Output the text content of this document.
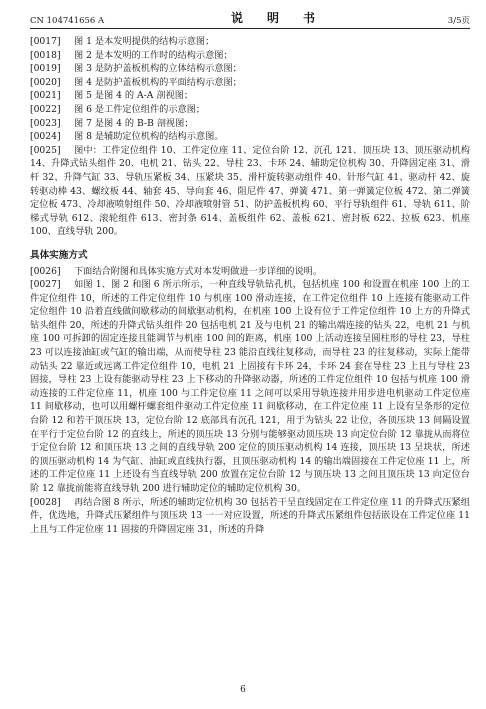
CN 104741656 A	说　明　书	3/5页

[0017] 图 1 是本发明提供的结构示意图；

[0018] 图 2 是本发明的工作时的结构示意图；

[0019] 图 3 是防护盖板机构的立体结构示意图；

[0020] 图 4 是防护盖板机构的平面结构示意图；

[0021] 图 5 是图 4 的 A-A 剖视图；

[0022] 图 6 是工件定位组件的示意图；

[0023] 图 7 是图 4 的 B-B 剖视图；

[0024] 图 8 是辅助定位机构的结构示意图。

[0025] 图中：工件定位组件 10、工件定位座 11、定位台阶 12、沉孔 121、顶压块 13、顶压驱动机构 14、升降式钻头组件 20、电机 21、钻头 22、导柱 23、卡环 24、辅助定位机构 30、升降固定座 31、滑杆 32、升降气缸 33、导轨压紧板 34、压紧块 35、滑杆旋转驱动组件 40、针形气缸 41、驱动杆 42、旋转驱动棒 43、螺纹板 44、轴套 45、导向套 46、阻尼件 47、弹簧 471、第一弹簧定位板 472、第二弹簧定位板 473、冷却液喷射组件 50、冷却液喷射管 51、防护盖板机构 60、平行导轨组件 61、导轨 611、阶梯式导轨 612、滚轮组件 613、密封条 614、盖板组件 62、盖板 621、密封板 622、拉板 623、机座 100、直线导轨 200。

具体实施方式

[0026] 下面结合附图和具体实施方式对本发明做进一步详细的说明。

[0027] 如图 1、图 2 和图 6 所示所示，一种直线导轨钻孔机，包括机座 100 和设置在机座 100 上的工件定位组件 10，所述的工件定位组件 10 与机座 100 滑动连接，在工件定位组件 10 上连接有能驱动工件定位组件 10 沿着直线做间歇移动的间歇驱动机构，在机座 100 上设有位于工件定位组件 10 上方的升降式钻头组件 20，所述的升降式钻头组件 20 包括电机 21 及与电机 21 的输出端连接的钻头 22，电机 21 与机座 100 可拆卸的固定连接且能调节与机座 100 间的距离，机座 100 上活动连接呈圆柱形的导柱 23，导柱 23 可以连接油缸或气缸的输出端，从而使导柱 23 能沿直线往复移动，而导柱 23 的往复移动，实际上能带动钻头 22 靠近或远离工件定位组件 10，电机 21 上固接有卡环 24，卡环 24 套在导柱 23 上且与导柱 23 固接，导柱 23 上设有能驱动导柱 23 上下移动的升降驱动器，所述的工件定位组件 10 包括与机座 100 滑动连接的工件定位座 11，机座 100 与工件定位座 11 之间可以采用导轨连接并用步进电机驱动工件定位座 11 间歇移动，也可以用螺杆螺套组件驱动工件定位座 11 间歇移动，在工件定位座 11 上设有呈条形的定位台阶 12 和若干顶压块 13，定位台阶 12 底部具有沉孔 121，用于为钻头 22 让位，各顶压块 13 间隔设置在平行于定位台阶 12 的直线上，所述的顶压块 13 分别与能够驱动顶压块 13 向定位台阶 12 靠拢从而将位于定位台阶 12 和顶压块 13 之间的直线导轨 200 定位的顶压驱动机构 14 连接，顶压块 13 呈块状，所述的顶压驱动机构 14 为气缸、油缸或直线执行器，且顶压驱动机构 14 的输出端固接在工件定位座 11 上，所述的工件定位座 11 上还设有当直线导轨 200 放置在定位台阶 12 与顶压块 13 之间且顶压块 13 向定位台阶 12 靠拢前能将直线导轨 200 进行辅助定位的辅助定位机构 30。

[0028] 再结合图 8 所示，所述的辅助定位机构 30 包括若干呈直线固定在工件定位座 11 的升降式压紧组件，优选地，升降式压紧组件与顶压块 13 一一对应设置，所述的升降式压紧组件包括嵌设在工件定位座 11 上且与工件定位座 11 固接的升降固定座 31，所述的升降

6
